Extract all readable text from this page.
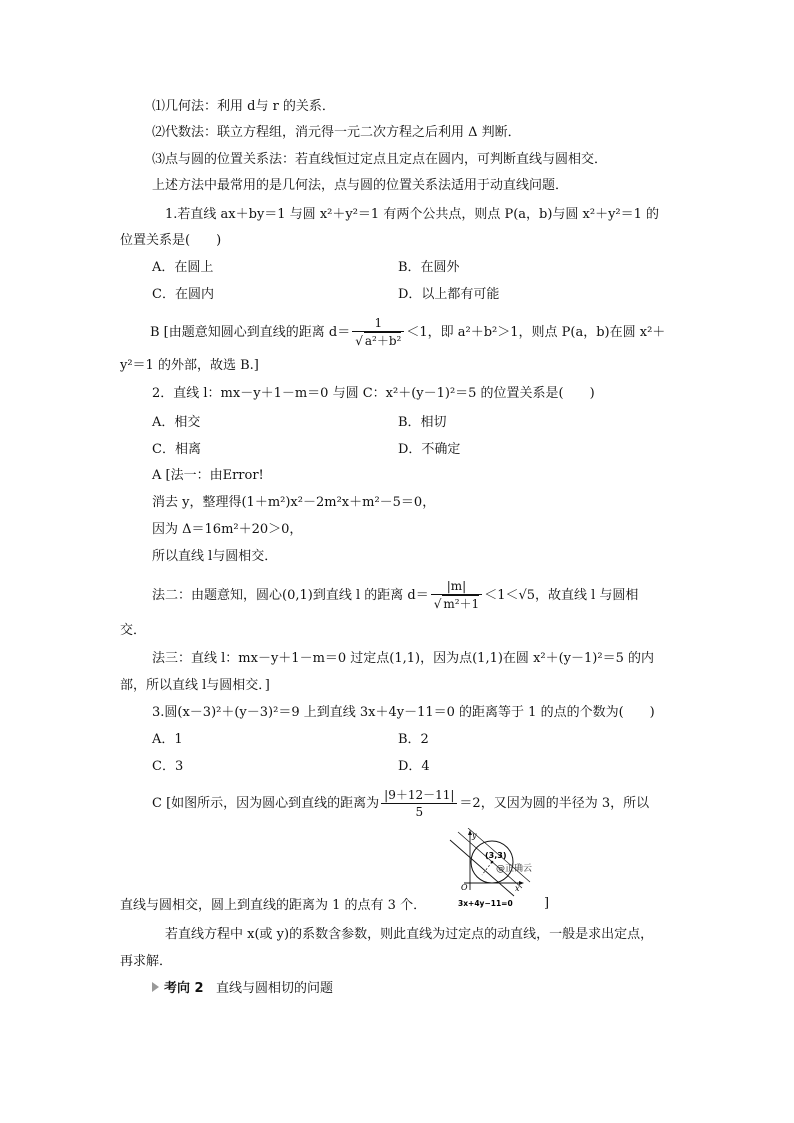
⑴几何法：利用 d与 r 的关系．
⑵代数法：联立方程组，消元得一元二次方程之后利用 Δ 判断．
⑶点与圆的位置关系法：若直线恒过定点且定点在圆内，可判断直线与圆相交．
上述方法中最常用的是几何法，点与圆的位置关系法适用于动直线问题．
1.若直线 ax＋by＝1 与圆 x²＋y²＝1 有两个公共点，则点 P(a，b)与圆 x²＋y²＝1 的
位置关系是(　　)
A．在圆上	B．在圆外
C．在圆内	D．以上都有可能
B [由题意知圆心到直线的距离 $d= \frac{1}{\text{√ a²＋b²}} <1$，即 a²＋b²＞1，则点 P(a，b)在圆 x²＋
y²＝1 的外部，故选 B.]
2．直线 l：mx－y＋1－m＝0 与圆 C：x²＋(y－1)²＝5 的位置关系是(　　)
A．相交	B．相切
C．相离	D．不确定
A [法一：由Error!
消去 y，整理得(1＋m²)x²－2m²x＋m²－5＝0，
因为 Δ＝16m²＋20＞0，
所以直线 l与圆相交．
法二：由题意知，圆心(0,1)到直线 l 的距离 $d= \frac{|m|}{\text{√ m²＋1}} <1<√5$，故直线 l 与圆相
交．
法三：直线 l：mx－y＋1－m＝0 过定点(1,1)，因为点(1,1)在圆 x²＋(y－1)²＝5 的内
部，所以直线 l与圆相交．]
3.圆(x－3)²＋(y－3)²＝9 上到直线 3x＋4y－11＝0 的距离等于 1 的点的个数为(　　)
A．1	B．2
C．3	D．4
C [如图所示，因为圆心到直线的距离为 $\frac{|9+12-11|}{5} =2$，又因为圆的半径为 3，所以
y
x
O
(3,3)
@正确云
3x+4y−11=0
直线与圆相交，圆上到直线的距离为 1 的点有 3 个．	]
若直线方程中 x(或 y)的系数含参数，则此直线为过定点的动直线，一般是求出定点，
再求解．
考向 2 直线与圆相切的问题
